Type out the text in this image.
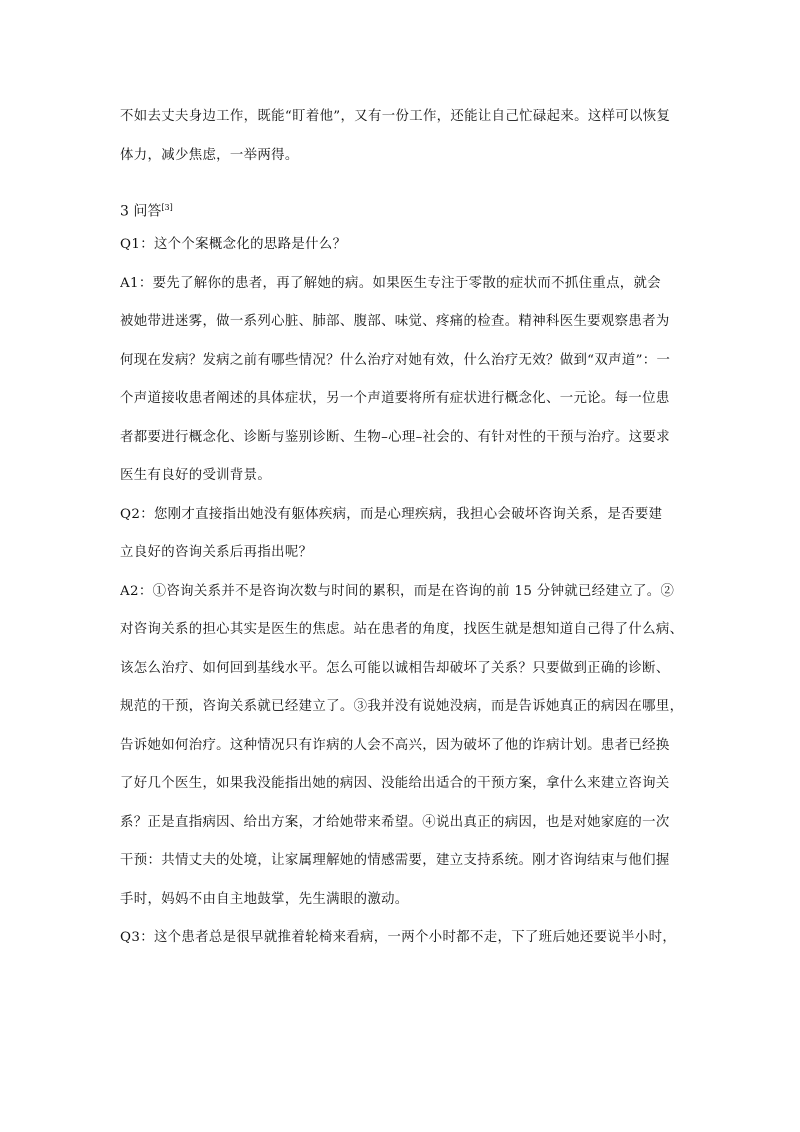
不如去丈夫身边工作，既能“盯着他”，又有一份工作，还能让自己忙碌起来。这样可以恢复
体力，减少焦虑，一举两得。
3 问答[3]
Q1：这个个案概念化的思路是什么？
A1：要先了解你的患者，再了解她的病。如果医生专注于零散的症状而不抓住重点，就会
被她带进迷雾，做一系列心脏、肺部、腹部、味觉、疼痛的检查。精神科医生要观察患者为
何现在发病？发病之前有哪些情况？什么治疗对她有效，什么治疗无效？做到“双声道”：一
个声道接收患者阐述的具体症状，另一个声道要将所有症状进行概念化、一元论。每一位患
者都要进行概念化、诊断与鉴别诊断、生物–心理–社会的、有针对性的干预与治疗。这要求
医生有良好的受训背景。
Q2：您刚才直接指出她没有躯体疾病，而是心理疾病，我担心会破坏咨询关系，是否要建
立良好的咨询关系后再指出呢？
A2：①咨询关系并不是咨询次数与时间的累积，而是在咨询的前 15 分钟就已经建立了。②
对咨询关系的担心其实是医生的焦虑。站在患者的角度，找医生就是想知道自己得了什么病、
该怎么治疗、如何回到基线水平。怎么可能以诚相告却破坏了关系？只要做到正确的诊断、
规范的干预，咨询关系就已经建立了。③我并没有说她没病，而是告诉她真正的病因在哪里，
告诉她如何治疗。这种情况只有诈病的人会不高兴，因为破坏了他的诈病计划。患者已经换
了好几个医生，如果我没能指出她的病因、没能给出适合的干预方案，拿什么来建立咨询关
系？正是直指病因、给出方案，才给她带来希望。④说出真正的病因，也是对她家庭的一次
干预：共情丈夫的处境，让家属理解她的情感需要，建立支持系统。刚才咨询结束与他们握
手时，妈妈不由自主地鼓掌，先生满眼的激动。
Q3：这个患者总是很早就推着轮椅来看病，一两个小时都不走，下了班后她还要说半小时，
